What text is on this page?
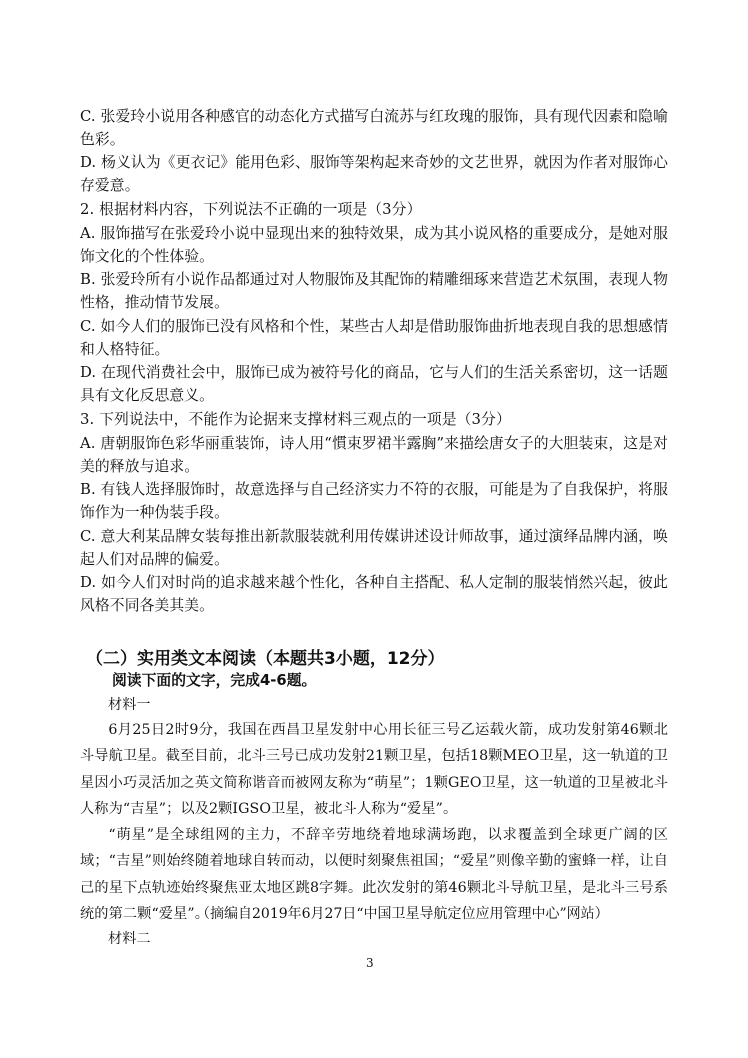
C. 张爱玲小说用各种感官的动态化方式描写白流苏与红玫瑰的服饰，具有现代因素和隐喻色彩。

D. 杨义认为《更衣记》能用色彩、服饰等架构起来奇妙的文艺世界，就因为作者对服饰心存爱意。

2. 根据材料内容，下列说法不正确的一项是（3分）

A. 服饰描写在张爱玲小说中显现出来的独特效果，成为其小说风格的重要成分，是她对服饰文化的个性体验。

B. 张爱玲所有小说作品都通过对人物服饰及其配饰的精雕细琢来营造艺术氛围，表现人物性格，推动情节发展。

C. 如今人们的服饰已没有风格和个性，某些古人却是借助服饰曲折地表现自我的思想感情和人格特征。

D. 在现代消费社会中，服饰已成为被符号化的商品，它与人们的生活关系密切，这一话题具有文化反思意义。

3. 下列说法中，不能作为论据来支撑材料三观点的一项是（3分）

A. 唐朝服饰色彩华丽重装饰，诗人用“慣束罗裙半露胸”来描绘唐女子的大胆装束，这是对美的释放与追求。

B. 有钱人选择服饰时，故意选择与自己经济实力不符的衣服，可能是为了自我保护，将服饰作为一种伪装手段。

C. 意大利某品牌女装每推出新款服装就利用传媒讲述设计师故事，通过演绎品牌内涵，唤起人们对品牌的偏爱。

D. 如今人们对时尚的追求越来越个性化，各种自主搭配、私人定制的服装悄然兴起，彼此风格不同各美其美。

（二）实用类文本阅读（本题共3小题，12分）

阅读下面的文字，完成4-6题。

材料一

6月25日2时9分，我国在西昌卫星发射中心用长征三号乙运载火箭，成功发射第46颗北斗导航卫星。截至目前，北斗三号已成功发射21颗卫星，包括18颗MEO卫星，这一轨道的卫星因小巧灵活加之英文简称谐音而被网友称为“萌星”；1颗GEO卫星，这一轨道的卫星被北斗人称为“吉星”；以及2颗IGSO卫星，被北斗人称为“爱星”。

“萌星”是全球组网的主力，不辞辛劳地绕着地球满场跑，以求覆盖到全球更广阔的区域；“吉星”则始终随着地球自转而动，以便时刻聚焦祖国；“爱星”则像辛勤的蜜蜂一样，让自己的星下点轨迹始终聚焦亚太地区跳8字舞。此次发射的第46颗北斗导航卫星，是北斗三号系统的第二颗“爱星”。

（摘编自2019年6月27日“中国卫星导航定位应用管理中心”网站）

材料二

3
